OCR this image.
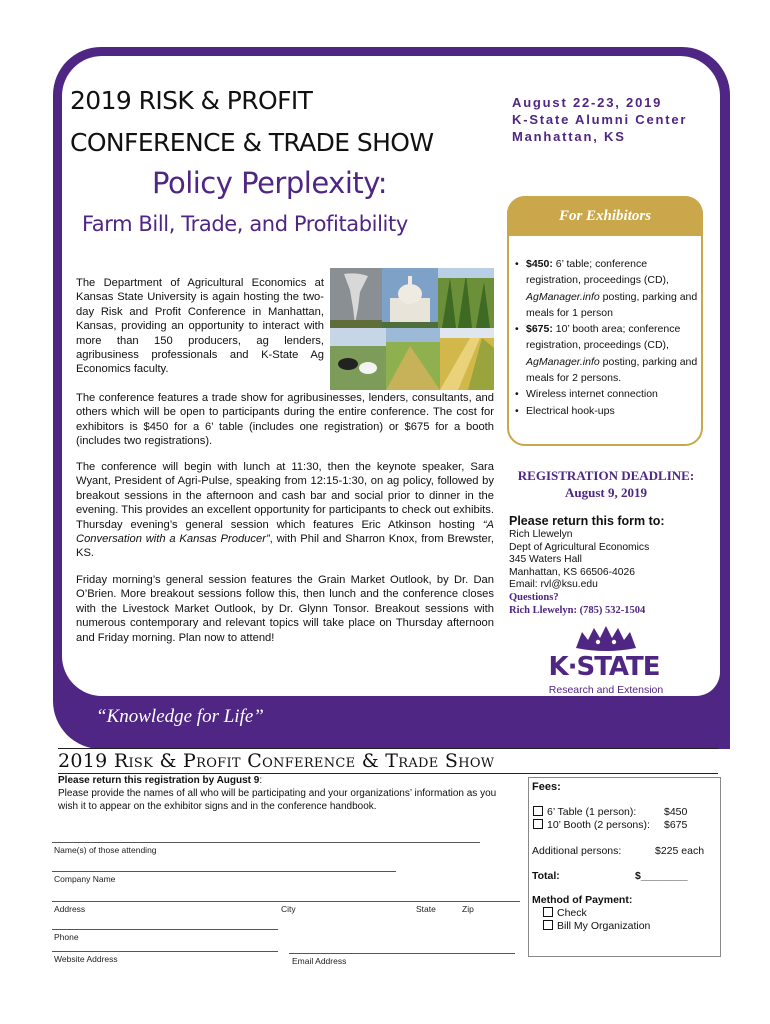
2019 RISK & PROFIT
CONFERENCE & TRADE SHOW
August 22-23, 2019
K-State Alumni Center
Manhattan, KS
Policy Perplexity:
Farm Bill, Trade, and Profitability	For Exhibitors
• $450: 6’ table; conference registration, proceedings (CD), AgManager.info posting, parking and meals for 1 person
• $675: 10’ booth area; conference registration, proceedings (CD), AgManager.info posting, parking and meals for 2 persons.
• Wireless internet connection
• Electrical hook-ups
The Department of Agricultural Economics at Kansas State University is again hosting the two-day Risk and Profit Conference in Manhattan, Kansas, providing an opportunity to interact with more than 150 producers, ag lenders, agribusiness professionals and K-State Ag Economics faculty.
The conference features a trade show for agribusinesses, lenders, consultants, and others which will be open to participants during the entire conference. The cost for exhibitors is $450 for a 6’ table (includes one registration) or $675 for a booth (includes two registrations).
The conference will begin with lunch at 11:30, then the keynote speaker, Sara Wyant, President of Agri-Pulse, speaking from 12:15-1:30, on ag policy, followed by breakout sessions in the afternoon and cash bar and social prior to dinner in the evening. This provides an excellent opportunity for participants to check out exhibits. Thursday evening’s general session which features Eric Atkinson hosting “A Conversation with a Kansas Producer”, with Phil and Sharron Knox, from Brewster, KS.
Friday morning’s general session features the Grain Market Outlook, by Dr. Dan O’Brien. More breakout sessions follow this, then lunch and the conference closes with the Livestock Market Outlook, by Dr. Glynn Tonsor. Breakout sessions with numerous contemporary and relevant topics will take place on Thursday afternoon and Friday morning. Plan now to attend!
REGISTRATION DEADLINE:
August 9, 2019
Please return this form to:
Rich Llewelyn
Dept of Agricultural Economics
345 Waters Hall
Manhattan, KS 66506-4026
Email: rvl@ksu.edu
Questions?
Rich Llewelyn: (785) 532-1504
K·STATE
Research and Extension
“Knowledge for Life”
2019 Risk & Profit Conference & Trade Show
Please return this registration by August 9:
Please provide the names of all who will be participating and your organizations’ information as you wish it to appear on the exhibitor signs and in the conference handbook.
Name(s) of those attending
Company Name
Address	City	State	Zip
Phone
Website Address	Email Address
Fees:
6’ Table (1 person):	$450
10’ Booth (2 persons): $675
Additional persons:	$225 each
Total:	$________
Method of Payment:
Check
Bill My Organization
